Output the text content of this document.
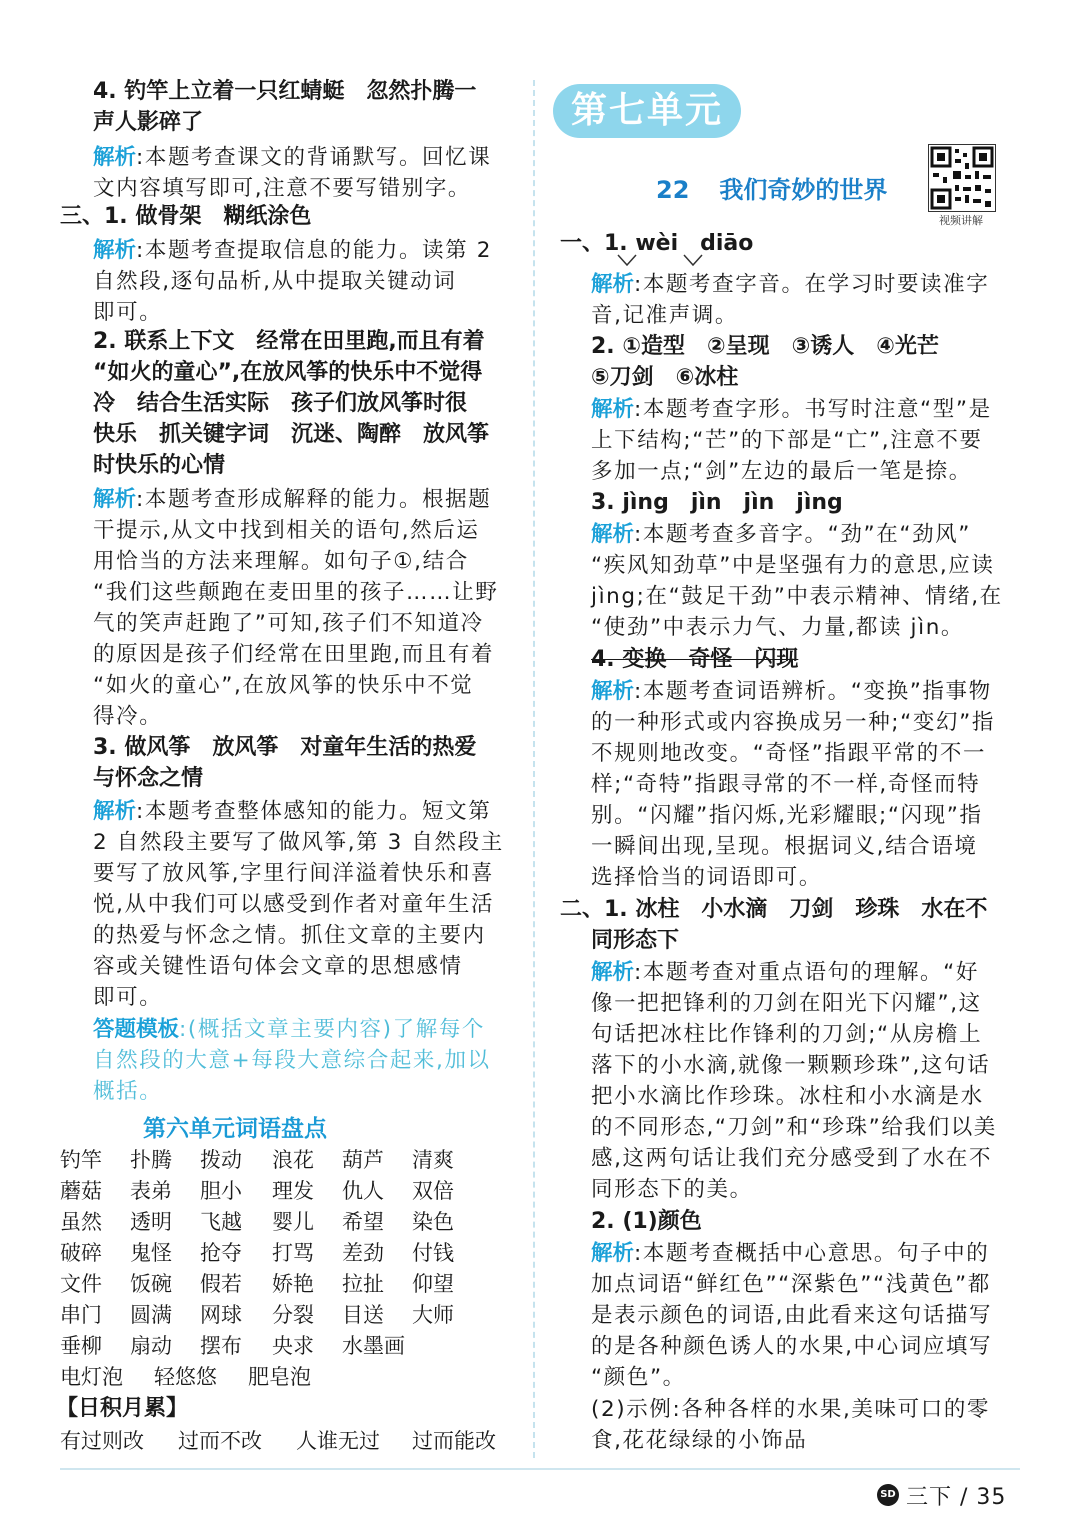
4. 钓竿上立着一只红蜻蜓　忽然扑腾一
声人影碎了
解析:本题考查课文的背诵默写。回忆课
文内容填写即可,注意不要写错别字。
三、1. 做骨架　糊纸涂色
解析:本题考查提取信息的能力。读第 2
自然段,逐句品析,从中提取关键动词
即可。
2. 联系上下文　经常在田里跑,而且有着
“如火的童心”,在放风筝的快乐中不觉得
冷　结合生活实际　孩子们放风筝时很
快乐　抓关键字词　沉迷、陶醉　放风筝
时快乐的心情
解析:本题考查形成解释的能力。根据题
干提示,从文中找到相关的语句,然后运
用恰当的方法来理解。如句子①,结合
“我们这些颠跑在麦田里的孩子……让野
气的笑声赶跑了”可知,孩子们不知道冷
的原因是孩子们经常在田里跑,而且有着
“如火的童心”,在放风筝的快乐中不觉
得冷。
3. 做风筝　放风筝　对童年生活的热爱
与怀念之情
解析:本题考查整体感知的能力。短文第
2 自然段主要写了做风筝,第 3 自然段主
要写了放风筝,字里行间洋溢着快乐和喜
悦,从中我们可以感受到作者对童年生活
的热爱与怀念之情。抓住文章的主要内
容或关键性语句体会文章的思想感情
即可。
答题模板:(概括文章主要内容)了解每个
自然段的大意+每段大意综合起来,加以
概括。
第六单元词语盘点
钓竿 扑腾 拨动 浪花 葫芦 清爽
蘑菇 表弟 胆小 理发 仇人 双倍
虽然 透明 飞越 婴儿 希望 染色
破碎 鬼怪 抢夺 打骂 差劲 付钱
文件 饭碗 假若 娇艳 拉扯 仰望
串门 圆满 网球 分裂 目送 大师
垂柳 扇动 摆布 央求 水墨画
电灯泡 轻悠悠 肥皂泡
【日积月累】
有过则改 过而不改 人谁无过 过而能改
第七单元
22 我们奇妙的世界
视频讲解
一、1. wèi　diāo
解析:本题考查字音。在学习时要读准字
音,记准声调。
2. ①造型　②呈现　③诱人　④光芒
⑤刀剑　⑥冰柱
解析:本题考查字形。书写时注意“型”是
上下结构;“芒”的下部是“亡”,注意不要
多加一点;“剑”左边的最后一笔是捺。
3. jìng　jìn　jìn　jìng
解析:本题考查多音字。“劲”在“劲风”
“疾风知劲草”中是坚强有力的意思,应读
jìng;在“鼓足干劲”中表示精神、情绪,在
“使劲”中表示力气、力量,都读 jìn。
4. 变换　奇怪　闪现
解析:本题考查词语辨析。“变换”指事物
的一种形式或内容换成另一种;“变幻”指
不规则地改变。“奇怪”指跟平常的不一
样;“奇特”指跟寻常的不一样,奇怪而特
别。“闪耀”指闪烁,光彩耀眼;“闪现”指
一瞬间出现,呈现。根据词义,结合语境
选择恰当的词语即可。
二、1. 冰柱　小水滴　刀剑　珍珠　水在不
同形态下
解析:本题考查对重点语句的理解。“好
像一把把锋利的刀剑在阳光下闪耀”,这
句话把冰柱比作锋利的刀剑;“从房檐上
落下的小水滴,就像一颗颗珍珠”,这句话
把小水滴比作珍珠。冰柱和小水滴是水
的不同形态,“刀剑”和“珍珠”给我们以美
感,这两句话让我们充分感受到了水在不
同形态下的美。
2. (1)颜色
解析:本题考查概括中心意思。句子中的
加点词语“鲜红色”“深紫色”“浅黄色”都
是表示颜色的词语,由此看来这句话描写
的是各种颜色诱人的水果,中心词应填写
“颜色”。
(2)示例:各种各样的水果,美味可口的零
食,花花绿绿的小饰品
SD 三下 / 35
